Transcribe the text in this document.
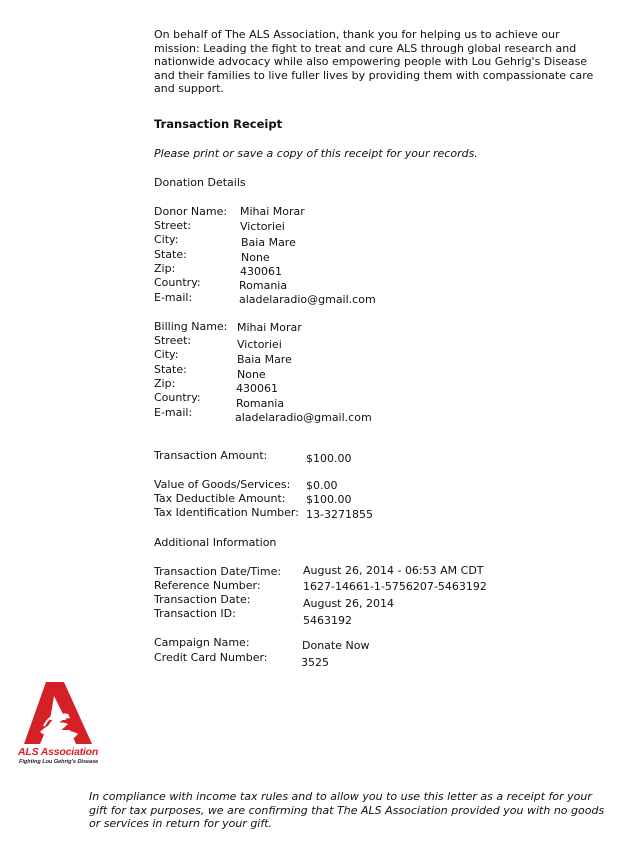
On behalf of The ALS Association, thank you for helping us to achieve our mission: Leading the fight to treat and cure ALS through global research and nationwide advocacy while also empowering people with Lou Gehrig's Disease and their families to live fuller lives by providing them with compassionate care and support.
Transaction Receipt
Please print or save a copy of this receipt for your records.
Donation Details
Donor Name: Mihai Morar
Street:	Victoriei
City:	Baia Mare
State:	None
Zip:	430061
Country:	Romania
E-mail:	aladelaradio@gmail.com
Billing Name: Mihai Morar
Street:	Victoriei
City:	Baia Mare
State:	None
Zip:	430061
Country:	Romania
E-mail:	aladelaradio@gmail.com
Transaction Amount:	$100.00
Value of Goods/Services: $0.00
Tax Deductible Amount: $100.00
Tax Identification Number: 13-3271855
Additional Information
Transaction Date/Time: August 26, 2014 - 06:53 AM CDT
Reference Number:	1627-14661-1-5756207-5463192
Transaction Date:	August 26, 2014
Transaction ID:
5463192
Campaign Name:	Donate Now
Credit Card Number:	3525
ALS Association
Fighting Lou Gehrig's Disease
In compliance with income tax rules and to allow you to use this letter as a receipt for your gift for tax purposes, we are confirming that The ALS Association provided you with no goods or services in return for your gift.
